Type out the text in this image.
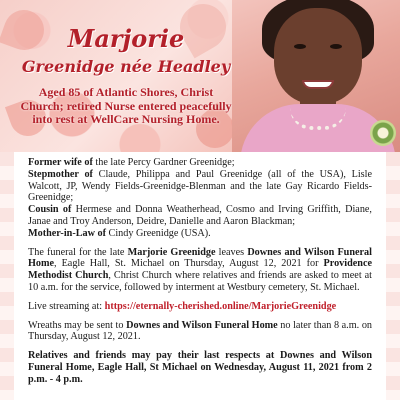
Marjorie
Greenidge née Headley
Aged 85 of Atlantic Shores, Christ Church; retired Nurse entered peacefully into rest at WellCare Nursing Home.

Former wife of the late Percy Gardner Greenidge;
Stepmother of Claude, Philippa and Paul Greenidge (all of the USA), Lisle Walcott, JP, Wendy Fields-Greenidge-Blenman and the late Gay Ricardo Fields-Greenidge;
Cousin of Hermese and Donna Weatherhead, Cosmo and Irving Griffith, Diane, Janae and Troy Anderson, Deidre, Danielle and Aaron Blackman;
Mother-in-Law of Cindy Greenidge (USA).

The funeral for the late Marjorie Greenidge leaves Downes and Wilson Funeral Home, Eagle Hall, St. Michael on Thursday, August 12, 2021 for Providence Methodist Church, Christ Church where relatives and friends are asked to meet at 10 a.m. for the service, followed by interment at Westbury cemetery, St. Michael.

Live streaming at: https://eternally-cherished.online/MarjorieGreenidge

Wreaths may be sent to Downes and Wilson Funeral Home no later than 8 a.m. on Thursday, August 12, 2021.

Relatives and friends may pay their last respects at Downes and Wilson Funeral Home, Eagle Hall, St Michael on Wednesday, August 11, 2021 from 2 p.m. - 4 p.m.
